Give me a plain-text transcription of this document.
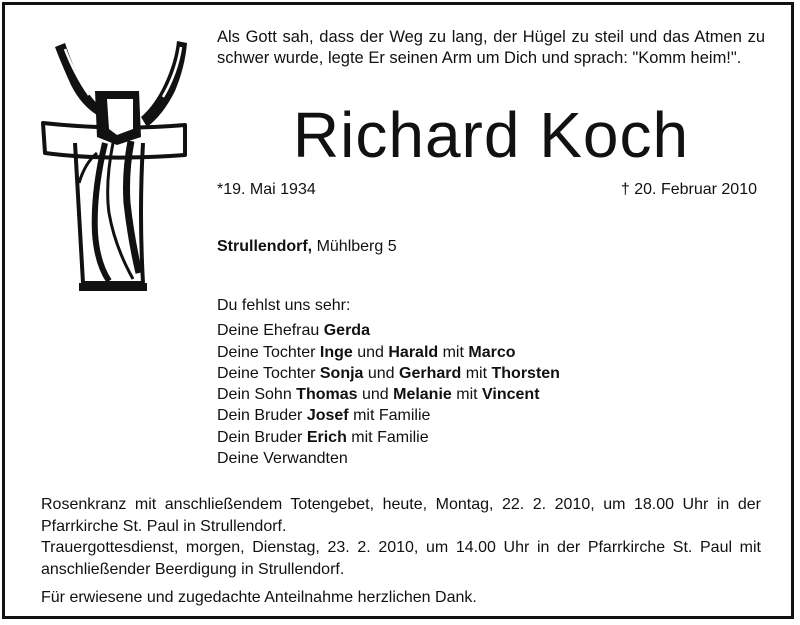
Als Gott sah, dass der Weg zu lang, der Hügel zu steil und das Atmen zu schwer wurde, legte Er seinen Arm um Dich und sprach: "Komm heim!".
Richard Koch
*19. Mai 1934	† 20. Februar 2010
Strullendorf, Mühlberg 5
Du fehlst uns sehr:
Deine Ehefrau Gerda
Deine Tochter Inge und Harald mit Marco
Deine Tochter Sonja und Gerhard mit Thorsten
Dein Sohn Thomas und Melanie mit Vincent
Dein Bruder Josef mit Familie
Dein Bruder Erich mit Familie
Deine Verwandten

Rosenkranz mit anschließendem Totengebet, heute, Montag, 22. 2. 2010, um 18.00 Uhr in der Pfarrkirche St. Paul in Strullendorf.

Trauergottesdienst, morgen, Dienstag, 23. 2. 2010, um 14.00 Uhr in der Pfarrkirche St. Paul mit anschließender Beerdigung in Strullendorf.

Für erwiesene und zugedachte Anteilnahme herzlichen Dank.
